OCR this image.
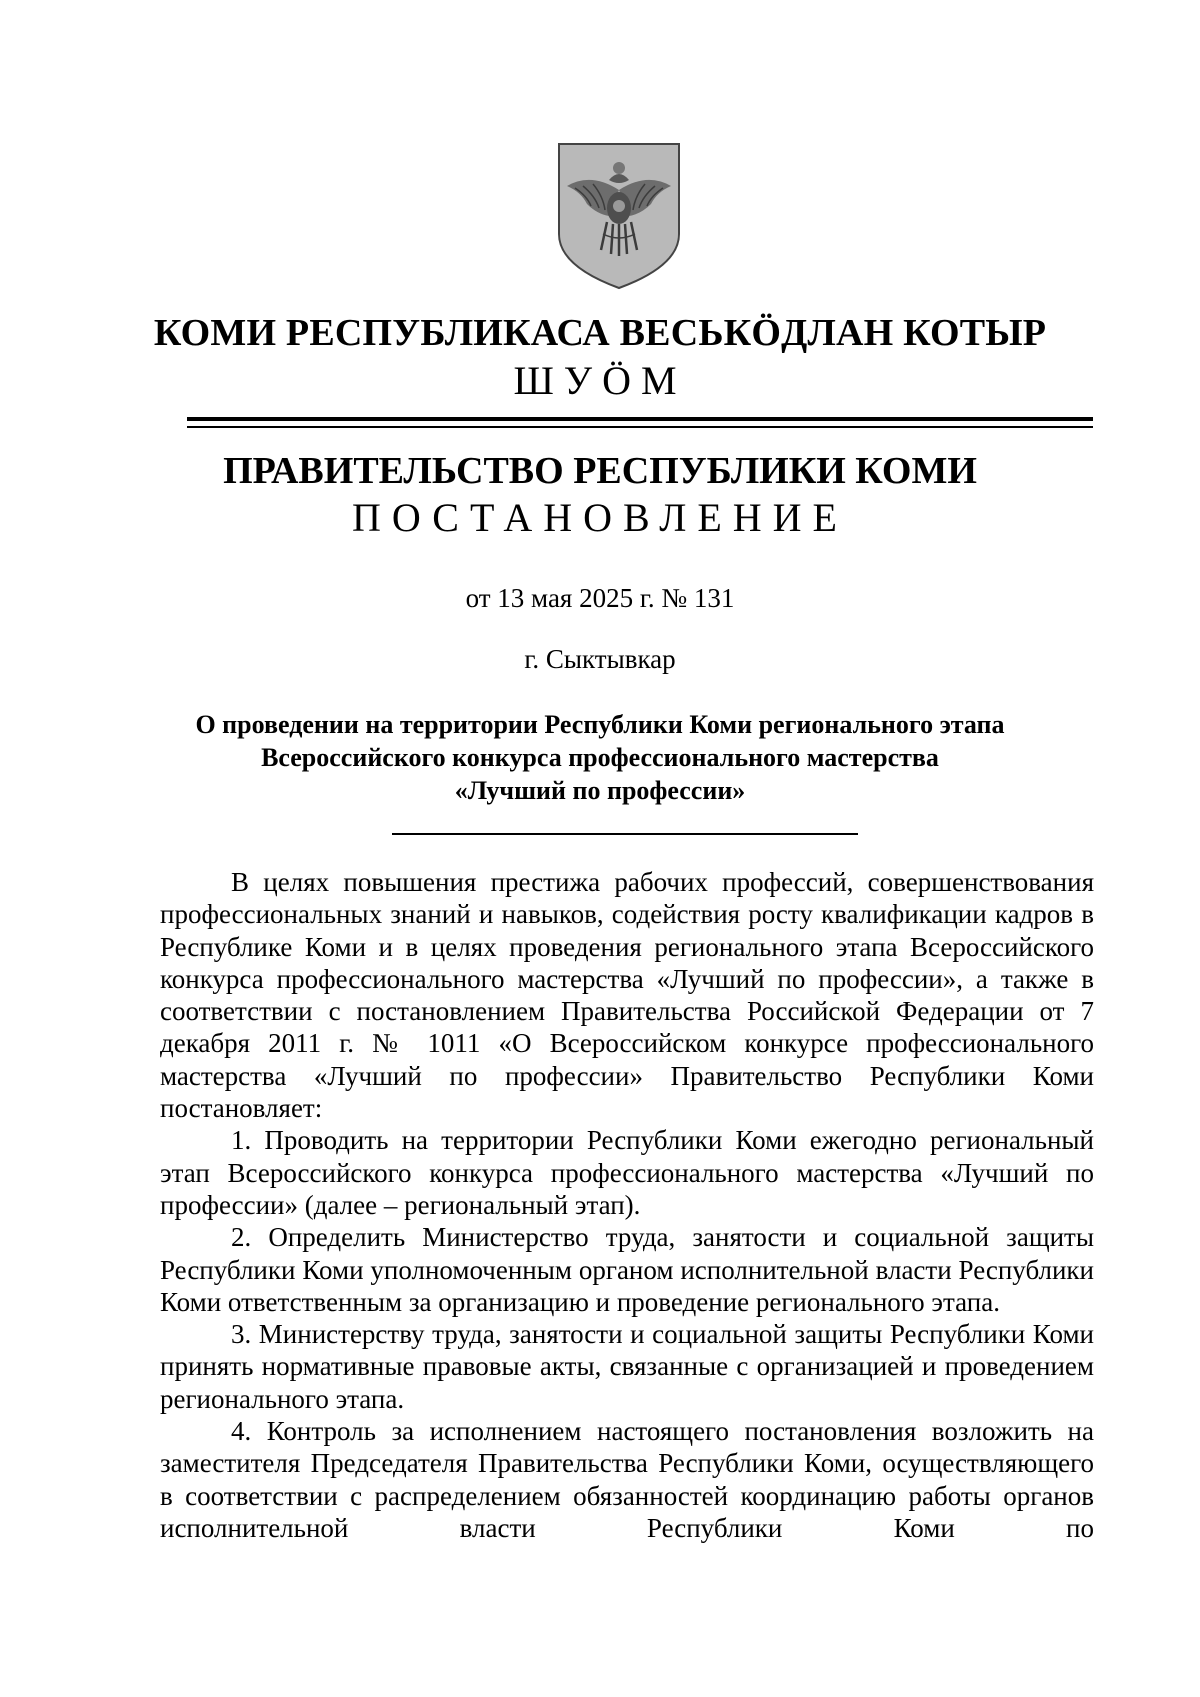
КОМИ РЕСПУБЛИКАСА ВЕСЬКӦДЛАН КОТЫР
ШУӦМ
ПРАВИТЕЛЬСТВО РЕСПУБЛИКИ КОМИ
ПОСТАНОВЛЕНИЕ
от 13 мая 2025 г. № 131
г. Сыктывкар
О проведении на территории Республики Коми регионального этапа
Всероссийского конкурса профессионального мастерства
«Лучший по профессии»

В целях повышения престижа рабочих профессий, совершенствования профессиональных знаний и навыков, содействия росту квалификации кадров в Республике Коми и в целях проведения регионального этапа Всероссийского конкурса профессионального мастерства «Лучший по профессии», а также в соответствии с постановлением Правительства Российской Федерации от 7 декабря 2011 г. № 1011 «О Всероссийском конкурсе профессионального мастерства «Лучший по профессии» Правительство Республики Коми постановляет:

1. Проводить на территории Республики Коми ежегодно региональный этап Всероссийского конкурса профессионального мастерства «Лучший по профессии» (далее – региональный этап).

2. Определить Министерство труда, занятости и социальной защиты Республики Коми уполномоченным органом исполнительной власти Республики Коми ответственным за организацию и проведение регионального этапа.

3. Министерству труда, занятости и социальной защиты Республики Коми принять нормативные правовые акты, связанные с организацией и проведением регионального этапа.

4. Контроль за исполнением настоящего постановления возложить на заместителя Председателя Правительства Республики Коми, осуществляющего в соответствии с распределением обязанностей координацию работы органов исполнительной власти Республики Коми по
